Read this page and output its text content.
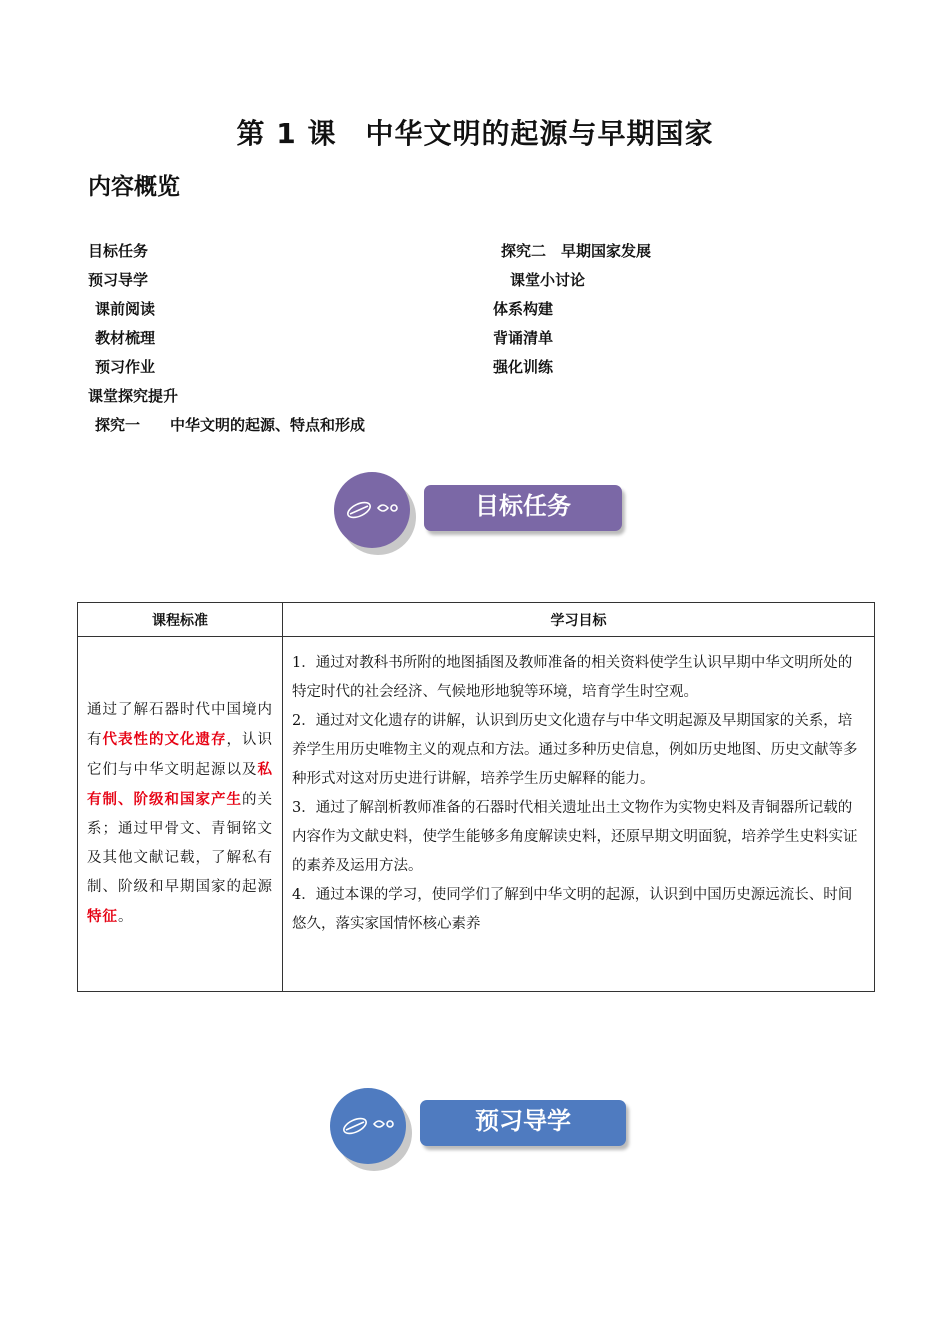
第 1 课　中华文明的起源与早期国家
内容概览
目标任务
预习导学
课前阅读
教材梳理
预习作业
课堂探究提升
探究一　　中华文明的起源、特点和形成
探究二　早期国家发展
课堂小讨论
体系构建
背诵清单
强化训练
目标任务
课程标准	学习目标
通过了解石器时代中国境内有代表性的文化遗存，认识它们与中华文明起源以及私有制、阶级和国家产生的关系；通过甲骨文、青铜铭文及其他文献记载，了解私有制、阶级和早期国家的起源特征。	1．通过对教科书所附的地图插图及教师准备的相关资料使学生认识早期中华文明所处的特定时代的社会经济、气候地形地貌等环境，培育学生时空观。

2．通过对文化遗存的讲解，认识到历史文化遗存与中华文明起源及早期国家的关系，培养学生用历史唯物主义的观点和方法。通过多种历史信息，例如历史地图、历史文献等多种形式对这对历史进行讲解，培养学生历史解释的能力。

3．通过了解剖析教师准备的石器时代相关遗址出土文物作为实物史料及青铜器所记载的内容作为文献史料，使学生能够多角度解读史料，还原早期文明面貌，培养学生史料实证的素养及运用方法。

4．通过本课的学习，使同学们了解到中华文明的起源，认识到中国历史源远流长、时间悠久，落实家国情怀核心素养

预习导学
